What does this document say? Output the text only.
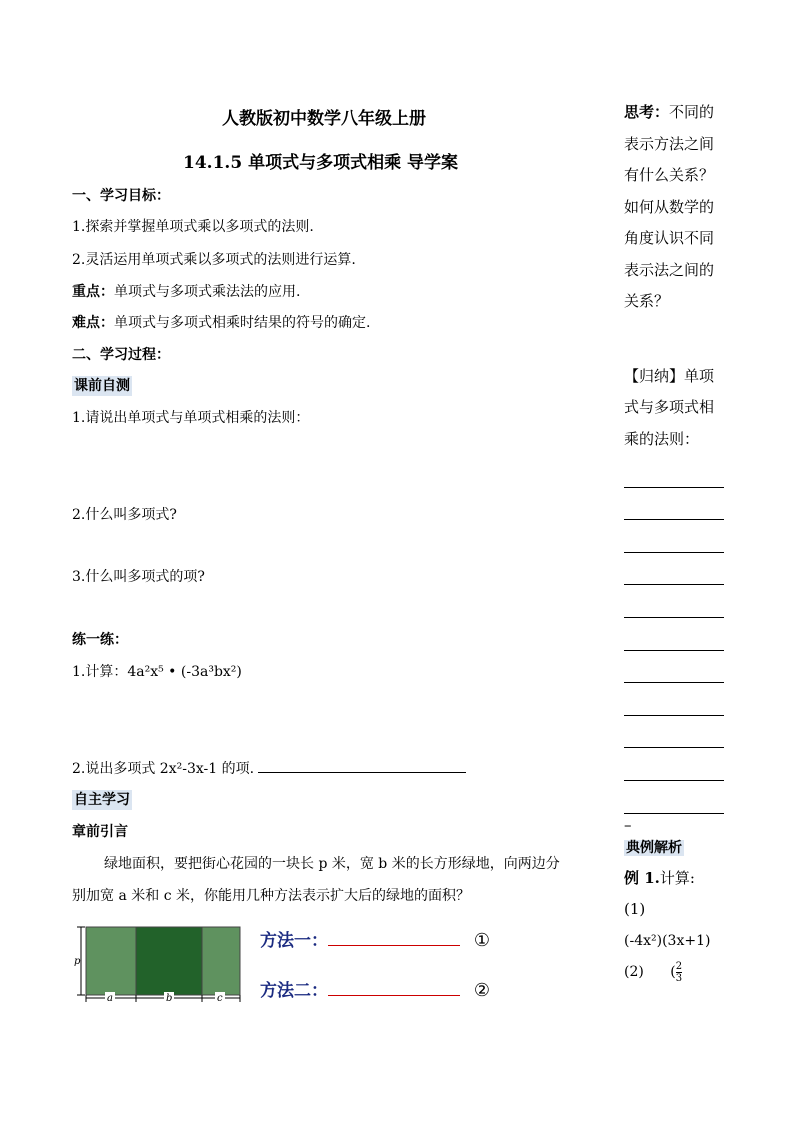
人教版初中数学八年级上册
14.1.5 单项式与多项式相乘 导学案
一、学习目标：
1.探索并掌握单项式乘以多项式的法则.
2.灵活运用单项式乘以多项式的法则进行运算.
重点：单项式与多项式乘法法的应用.
难点：单项式与多项式相乘时结果的符号的确定.
二、学习过程：
课前自测
1.请说出单项式与单项式相乘的法则：
2.什么叫多项式?
3.什么叫多项式的项?
练一练：
1.计算：4a²x⁵ • (-3a³bx²)
2.说出多项式 2x²-3x-1 的项.
自主学习
章前引言
绿地面积，要把街心花园的一块长 p 米，宽 b 米的长方形绿地，向两边分
别加宽 a 米和 c 米，你能用几种方法表示扩大后的绿地的面积？
p
a	b	c
方法一：	①
方法二：	②
思考：不同的
表示方法之间
有什么关系？
如何从数学的
角度认识不同
表示法之间的
关系？
【归纳】单项
式与多项式相
乘的法则：
–
典例解析
例 1.计算:
(1)
(-4x²)(3x+1)
(2) ( $\frac{2}{3}$
